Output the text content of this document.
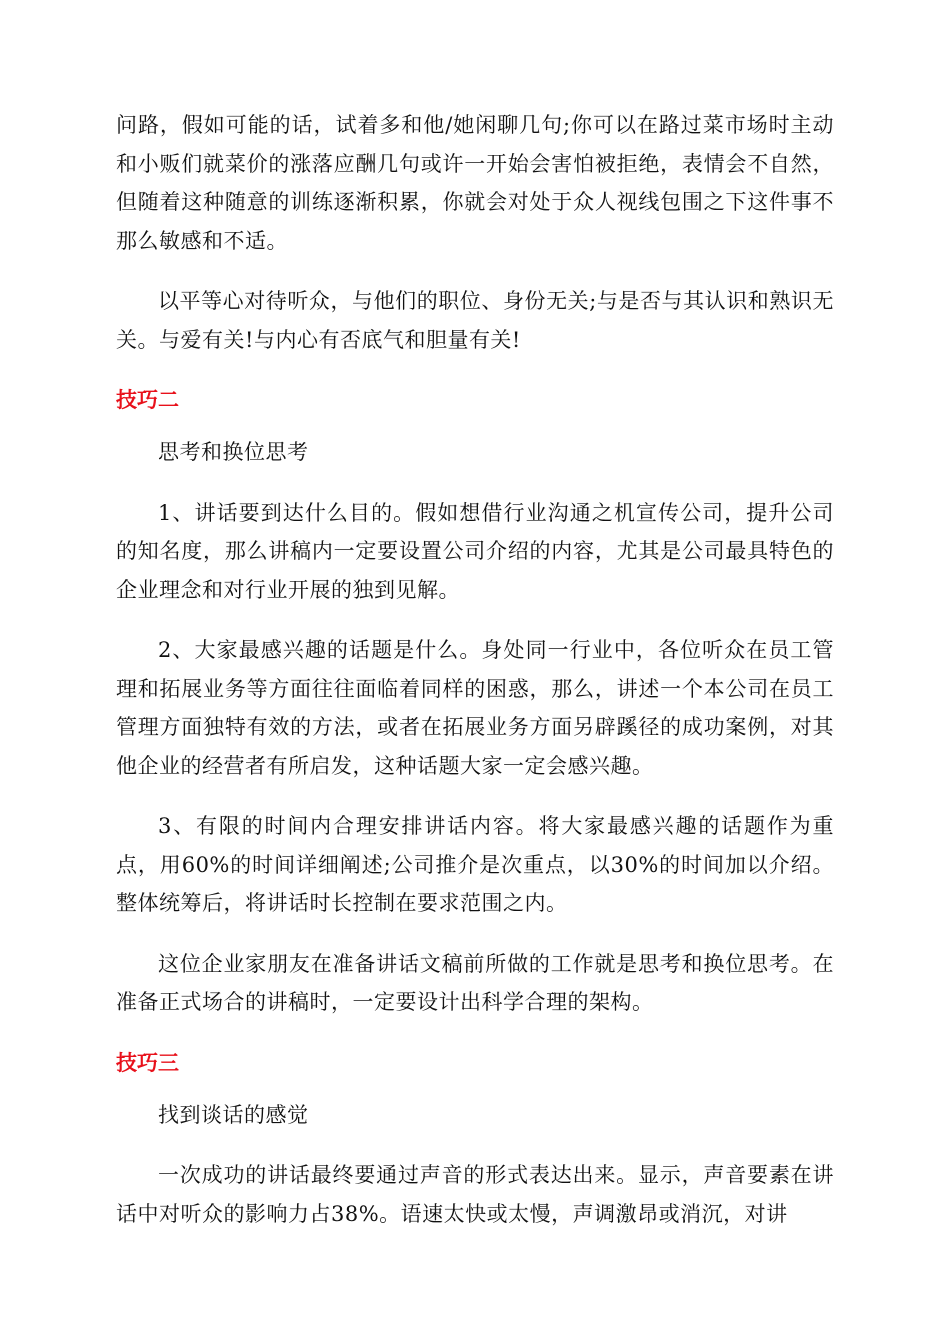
问路，假如可能的话，试着多和他/她闲聊几句;你可以在路过菜市场时主动和小贩们就菜价的涨落应酬几句或许一开始会害怕被拒绝，表情会不自然，但随着这种随意的训练逐渐积累，你就会对处于众人视线包围之下这件事不那么敏感和不适。

以平等心对待听众，与他们的职位、身份无关;与是否与其认识和熟识无关。与爱有关!与内心有否底气和胆量有关!

技巧二

思考和换位思考

1、讲话要到达什么目的。假如想借行业沟通之机宣传公司，提升公司的知名度，那么讲稿内一定要设置公司介绍的内容，尤其是公司最具特色的企业理念和对行业开展的独到见解。

2、大家最感兴趣的话题是什么。身处同一行业中，各位听众在员工管理和拓展业务等方面往往面临着同样的困惑，那么，讲述一个本公司在员工管理方面独特有效的方法，或者在拓展业务方面另辟蹊径的成功案例，对其他企业的经营者有所启发，这种话题大家一定会感兴趣。

3、有限的时间内合理安排讲话内容。将大家最感兴趣的话题作为重点，用60%的时间详细阐述;公司推介是次重点，以30%的时间加以介绍。整体统筹后，将讲话时长控制在要求范围之内。

这位企业家朋友在准备讲话文稿前所做的工作就是思考和换位思考。在准备正式场合的讲稿时，一定要设计出科学合理的架构。

技巧三

找到谈话的感觉

一次成功的讲话最终要通过声音的形式表达出来。显示，声音要素在讲话中对听众的影响力占38%。语速太快或太慢，声调激昂或消沉，对讲
